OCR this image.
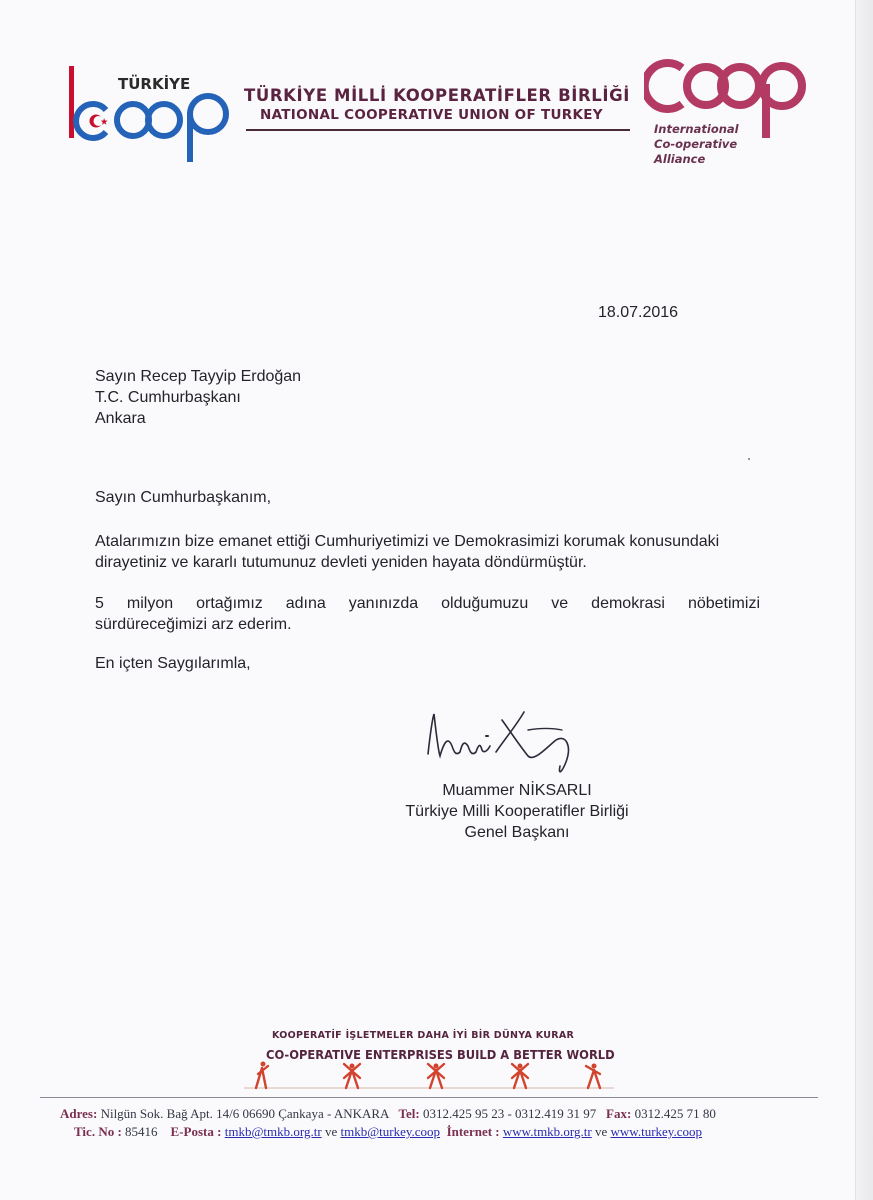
TÜRKİYE
TÜRKİYE MİLLİ KOOPERATİFLER BİRLİĞİ
NATIONAL COOPERATIVE UNION OF TURKEY
International
Co-operative
Alliance
18.07.2016
Sayın Recep Tayyip Erdoğan
T.C. Cumhurbaşkanı
Ankara
Sayın Cumhurbaşkanım,
Atalarımızın bize emanet ettiği Cumhuriyetimizi ve Demokrasimizi korumak konusundaki
dirayetiniz ve kararlı tutumunuz devleti yeniden hayata döndürmüştür.
5 milyon ortağımız adına yanınızda olduğumuzu ve demokrasi nöbetimizi
sürdüreceğimizi arz ederim.
En içten Saygılarımla,
Muammer NİKSARLI
Türkiye Milli Kooperatifler Birliği
Genel Başkanı
KOOPERATİF İŞLETMELER DAHA İYİ BİR DÜNYA KURAR
CO-OPERATIVE ENTERPRISES BUILD A BETTER WORLD
Adres: Nilgün Sok. Bağ Apt. 14/6 06690 Çankaya - ANKARA Tel: 0312.425 95 23 - 0312.419 31 97 Fax: 0312.425 71 80
Tic. No : 85416 E-Posta : tmkb@tmkb.org.tr ve tmkb@turkey.coop İnternet : www.tmkb.org.tr ve www.turkey.coop
